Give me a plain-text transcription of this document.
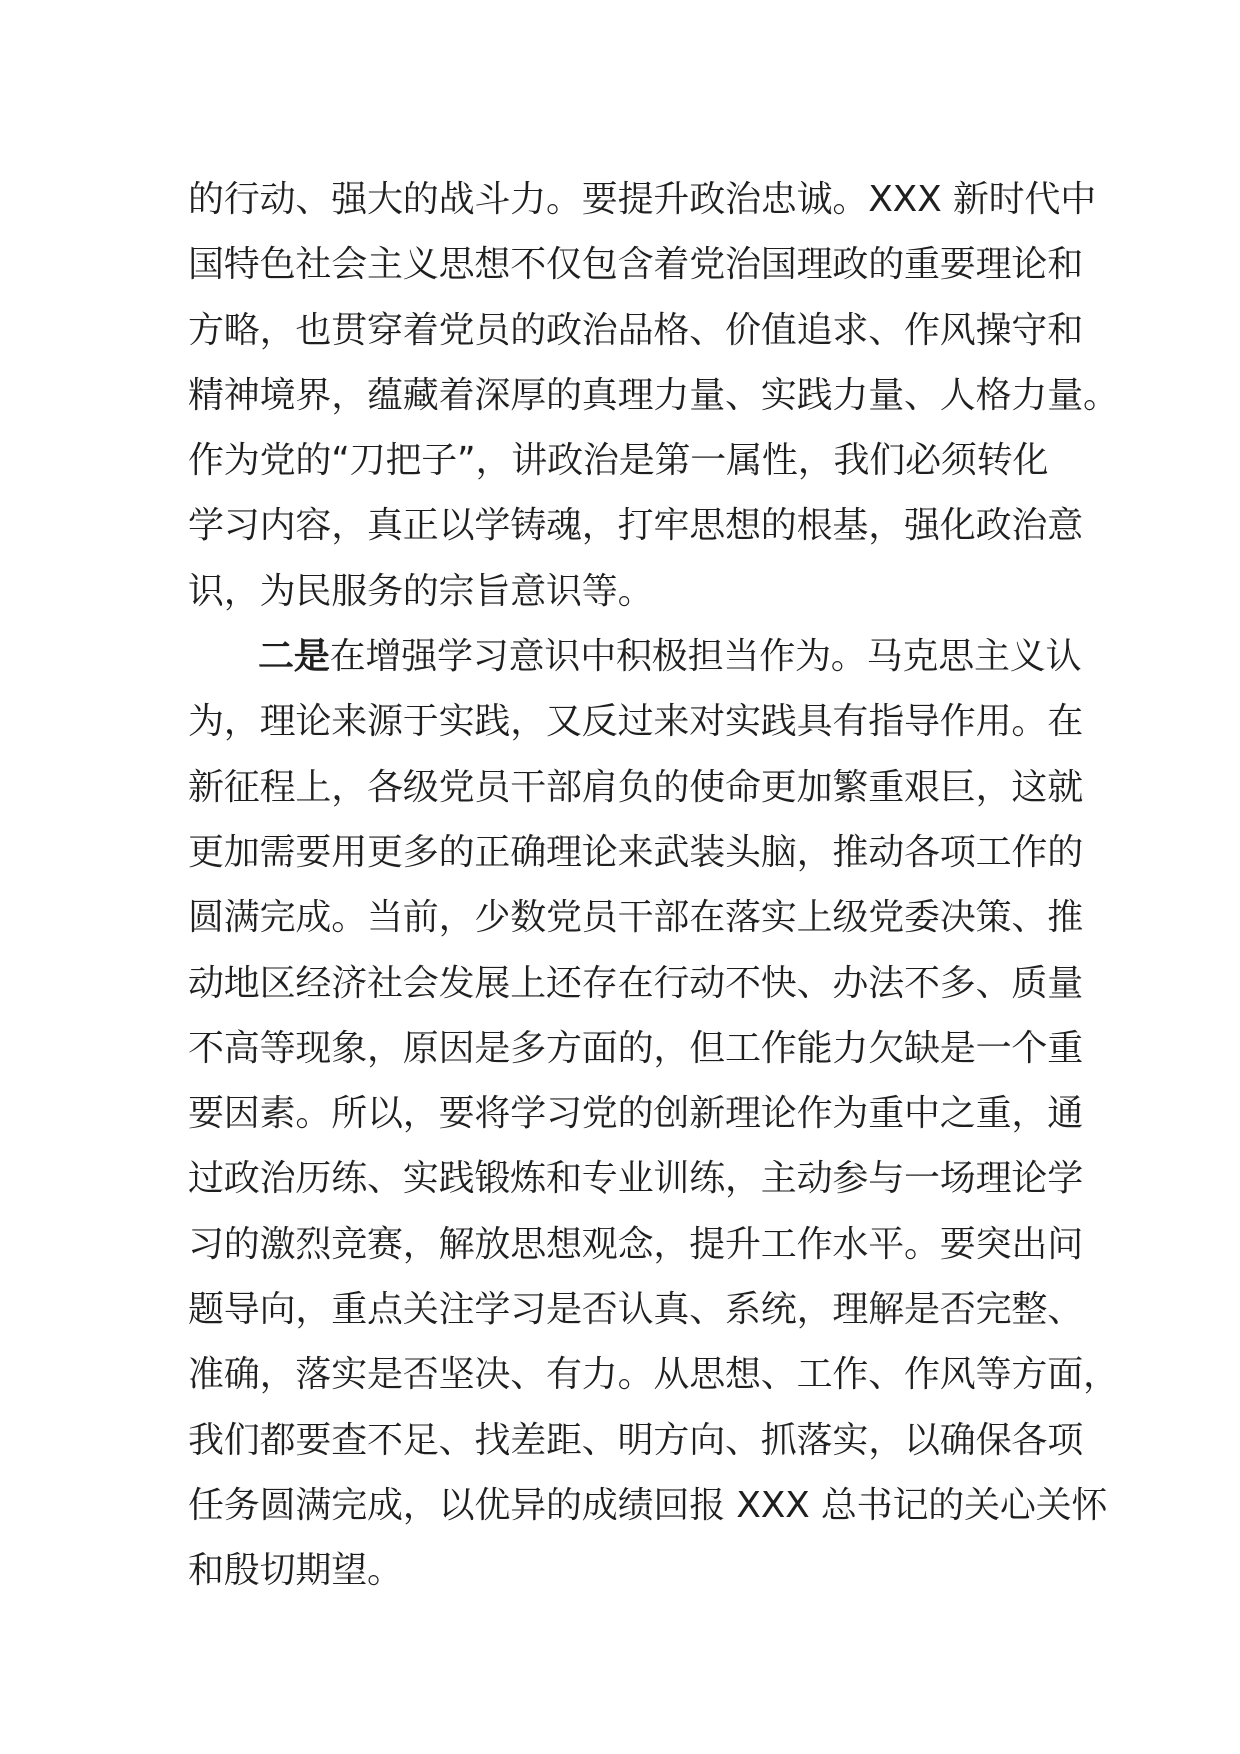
的行动、强大的战斗力。要提升政治忠诚。XXX 新时代中
国特色社会主义思想不仅包含着党治国理政的重要理论和
方略，也贯穿着党员的政治品格、价值追求、作风操守和
精神境界，蕴藏着深厚的真理力量、实践力量、人格力量。
作为党的“刀把子”，讲政治是第一属性，我们必须转化
学习内容，真正以学铸魂，打牢思想的根基，强化政治意
识，为民服务的宗旨意识等。
二是在增强学习意识中积极担当作为。马克思主义认
为，理论来源于实践，又反过来对实践具有指导作用。在
新征程上，各级党员干部肩负的使命更加繁重艰巨，这就
更加需要用更多的正确理论来武装头脑，推动各项工作的
圆满完成。当前，少数党员干部在落实上级党委决策、推
动地区经济社会发展上还存在行动不快、办法不多、质量
不高等现象，原因是多方面的，但工作能力欠缺是一个重
要因素。所以，要将学习党的创新理论作为重中之重，通
过政治历练、实践锻炼和专业训练，主动参与一场理论学
习的激烈竞赛，解放思想观念，提升工作水平。要突出问
题导向，重点关注学习是否认真、系统，理解是否完整、
准确，落实是否坚决、有力。从思想、工作、作风等方面，
我们都要查不足、找差距、明方向、抓落实，以确保各项
任务圆满完成，以优异的成绩回报 XXX 总书记的关心关怀
和殷切期望。
